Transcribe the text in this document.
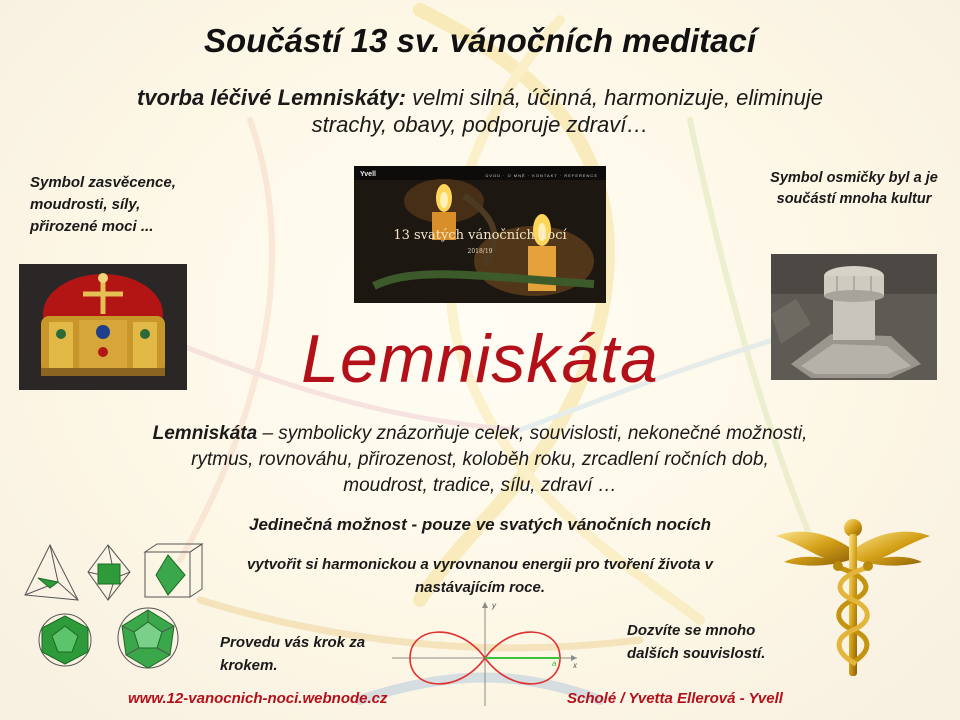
Součástí 13 sv. vánočních meditací
tvorba léčivé Lemniskáty: velmi silná, účinná, harmonizuje, eliminuje strachy, obavy, podporuje zdraví…
Symbol zasvěcence, moudrosti, síly, přirozené moci ...
Symbol osmičky byl a je součástí mnoha kultur
Yvell	ÚVOD · O MNĚ · KONTAKT · REFERENCE
13 svatých vánočních nocí
2018/19
Lemniskáta
Lemniskáta – symbolicky znázorňuje celek, souvislosti, nekonečné možnosti, rytmus, rovnováhu, přirozenost, koloběh roku, zrcadlení ročních dob, moudrost, tradice, sílu, zdraví …
Jedinečná možnost - pouze ve svatých vánočních nocích
vytvořit si harmonickou a vyrovnanou energii pro tvoření života v nastávajícím roce.
Provedu vás krok za krokem.
y
x
a
Dozvíte se mnoho dalších souvislostí.
www.12-vanocnich-noci.webnode.cz	Scholé / Yvetta Ellerová - Yvell
